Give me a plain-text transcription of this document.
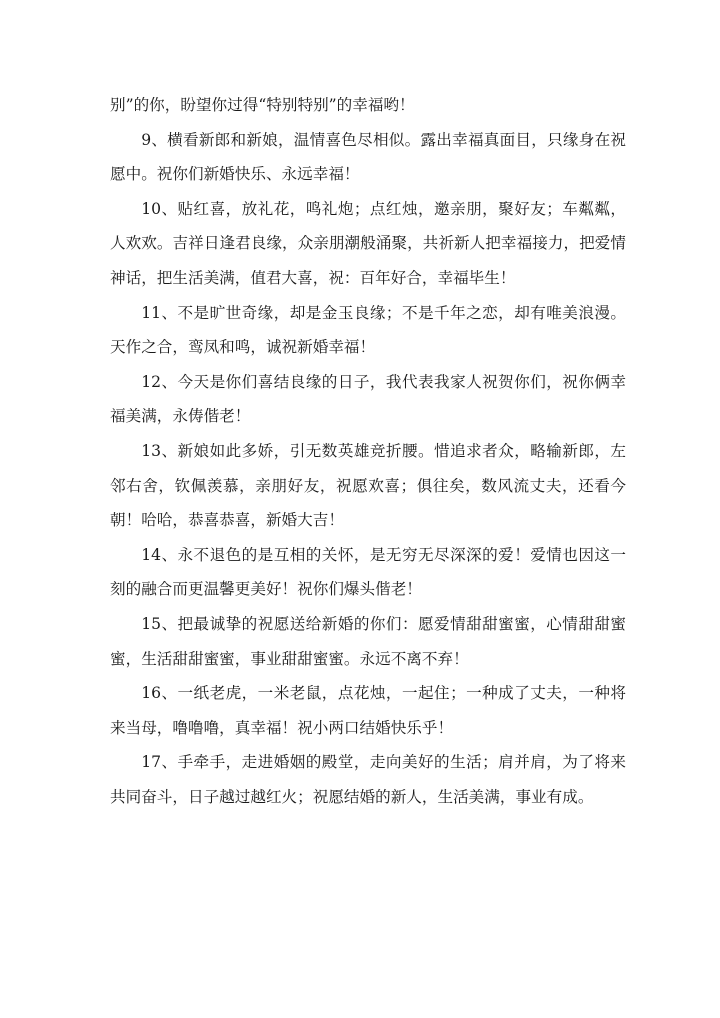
别”的你，盼望你过得“特别特别”的幸福哟！

9、横看新郎和新娘，温情喜色尽相似。露出幸福真面目，只缘身在祝愿中。祝你们新婚快乐、永远幸福！

10、贴红喜，放礼花，鸣礼炮；点红烛，邀亲朋，聚好友；车粼粼，人欢欢。吉祥日逢君良缘，众亲朋潮般涌聚，共祈新人把幸福接力，把爱情神话，把生活美满，值君大喜，祝：百年好合，幸福毕生！

11、不是旷世奇缘，却是金玉良缘；不是千年之恋，却有唯美浪漫。天作之合，鸾凤和鸣，诚祝新婚幸福！

12、今天是你们喜结良缘的日子，我代表我家人祝贺你们，祝你俩幸福美满，永俦偕老！

13、新娘如此多娇，引无数英雄竞折腰。惜追求者众，略输新郎，左邻右舍，钦佩羡慕，亲朋好友，祝愿欢喜；俱往矣，数风流丈夫，还看今朝！哈哈，恭喜恭喜，新婚大吉！

14、永不退色的是互相的关怀，是无穷无尽深深的爱！爱情也因这一刻的融合而更温馨更美好！祝你们爆头偕老！

15、把最诚挚的祝愿送给新婚的你们：愿爱情甜甜蜜蜜，心情甜甜蜜蜜，生活甜甜蜜蜜，事业甜甜蜜蜜。永远不离不弃！

16、一纸老虎，一米老鼠，点花烛，一起住；一种成了丈夫，一种将来当母，噜噜噜，真幸福！祝小两口结婚快乐乎！

17、手牵手，走进婚姻的殿堂，走向美好的生活；肩并肩，为了将来共同奋斗，日子越过越红火；祝愿结婚的新人，生活美满，事业有成。
